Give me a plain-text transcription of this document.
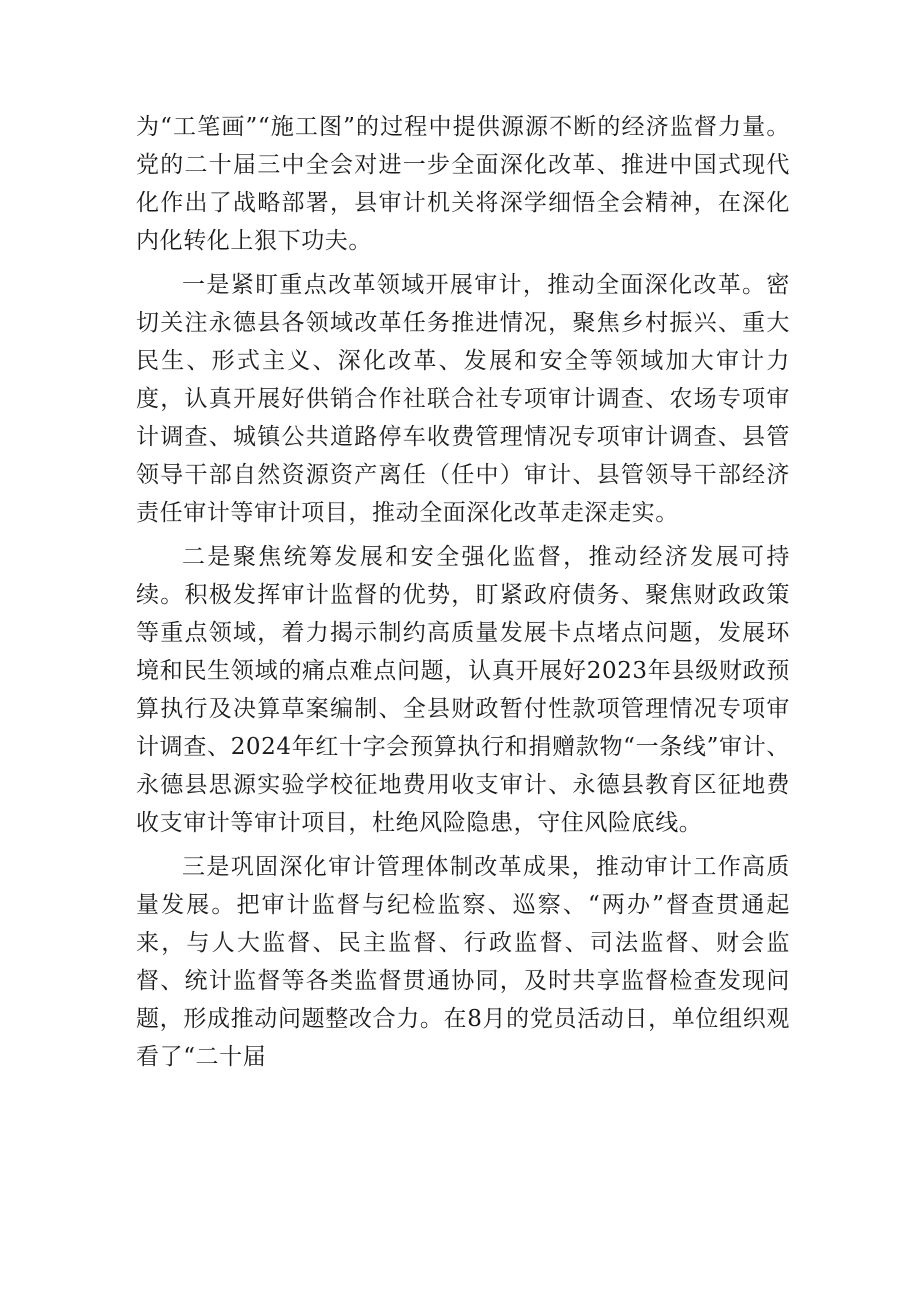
为“工笔画”“施工图”的过程中提供源源不断的经济监督力量。党的二十届三中全会对进一步全面深化改革、推进中国式现代化作出了战略部署，县审计机关将深学细悟全会精神，在深化内化转化上狠下功夫。

一是紧盯重点改革领域开展审计，推动全面深化改革。密切关注永德县各领域改革任务推进情况，聚焦乡村振兴、重大民生、形式主义、深化改革、发展和安全等领域加大审计力度，认真开展好供销合作社联合社专项审计调查、农场专项审计调查、城镇公共道路停车收费管理情况专项审计调查、县管领导干部自然资源资产离任（任中）审计、县管领导干部经济责任审计等审计项目，推动全面深化改革走深走实。

二是聚焦统筹发展和安全强化监督，推动经济发展可持续。积极发挥审计监督的优势，盯紧政府债务、聚焦财政政策等重点领域，着力揭示制约高质量发展卡点堵点问题，发展环境和民生领域的痛点难点问题，认真开展好2023年县级财政预算执行及决算草案编制、全县财政暂付性款项管理情况专项审计调查、2024年红十字会预算执行和捐赠款物“一条线”审计、永德县思源实验学校征地费用收支审计、永德县教育区征地费收支审计等审计项目，杜绝风险隐患，守住风险底线。

三是巩固深化审计管理体制改革成果，推动审计工作高质量发展。把审计监督与纪检监察、巡察、“两办”督查贯通起来，与人大监督、民主监督、行政监督、司法监督、财会监督、统计监督等各类监督贯通协同，及时共享监督检查发现问题，形成推动问题整改合力。在8月的党员活动日，单位组织观看了“二十届
